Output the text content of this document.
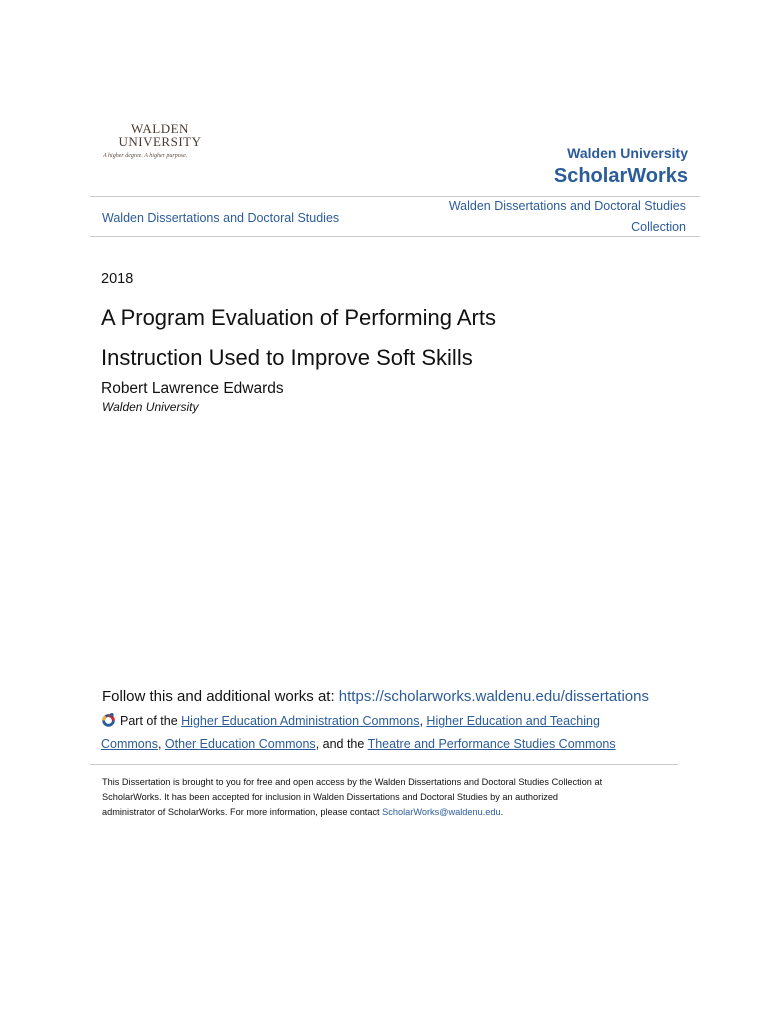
WALDEN
UNIVERSITY
A higher degree. A higher purpose.	Walden University
ScholarWorks
Walden Dissertations and Doctoral Studies
Walden Dissertations and Doctoral Studies
Collection
2018
A Program Evaluation of Performing Arts
Instruction Used to Improve Soft Skills
Robert Lawrence Edwards
Walden University
Follow this and additional works at: https://scholarworks.waldenu.edu/dissertations
Part of the Higher Education Administration Commons, Higher Education and Teaching
Commons, Other Education Commons, and the Theatre and Performance Studies Commons
This Dissertation is brought to you for free and open access by the Walden Dissertations and Doctoral Studies Collection at
ScholarWorks. It has been accepted for inclusion in Walden Dissertations and Doctoral Studies by an authorized
administrator of ScholarWorks. For more information, please contact ScholarWorks@waldenu.edu.
